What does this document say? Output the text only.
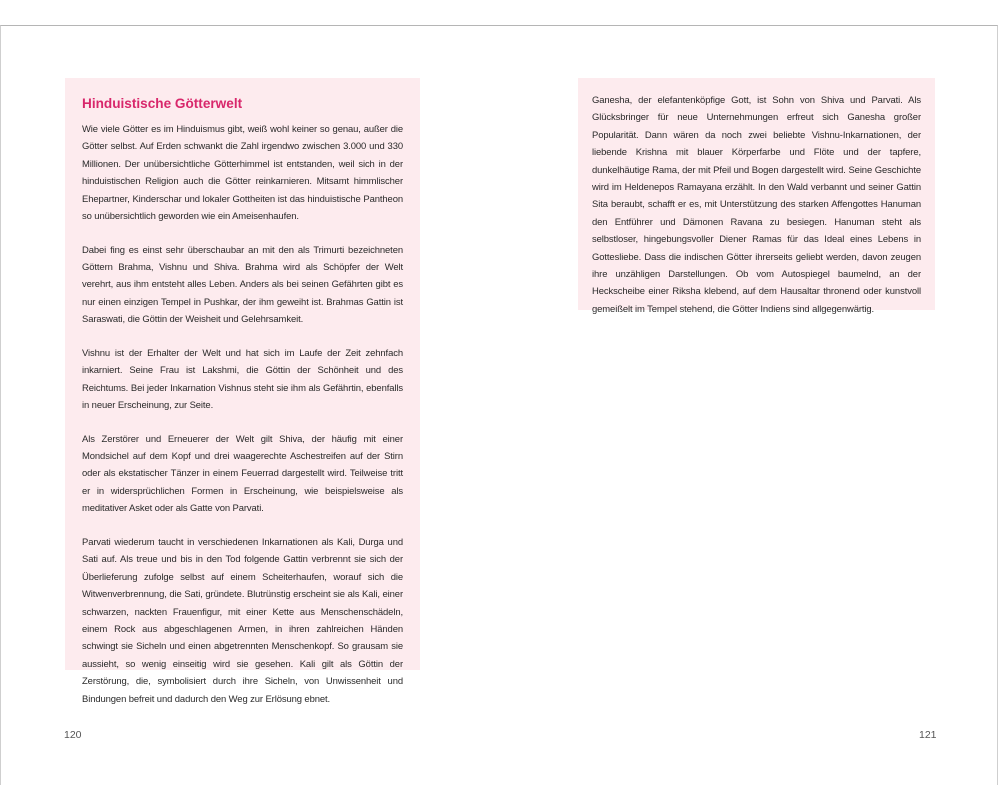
Hinduistische Götterwelt

Wie viele Götter es im Hinduismus gibt, weiß wohl keiner so genau, außer die Götter selbst. Auf Erden schwankt die Zahl irgendwo zwischen 3.000 und 330 Millionen. Der unübersichtliche Götterhimmel ist entstanden, weil sich in der hinduistischen Religion auch die Götter reinkarnieren. Mitsamt himmlischer Ehepartner, Kinderschar und lokaler Gottheiten ist das hinduistische Pantheon so unübersichtlich geworden wie ein Ameisenhaufen.

Dabei fing es einst sehr überschaubar an mit den als Trimurti bezeichneten Göttern Brahma, Vishnu und Shiva. Brahma wird als Schöpfer der Welt verehrt, aus ihm entsteht alles Leben. Anders als bei seinen Gefährten gibt es nur einen einzigen Tempel in Pushkar, der ihm geweiht ist. Brahmas Gattin ist Saraswati, die Göttin der Weisheit und Gelehrsamkeit.

Vishnu ist der Erhalter der Welt und hat sich im Laufe der Zeit zehnfach inkarniert. Seine Frau ist Lakshmi, die Göttin der Schönheit und des Reichtums. Bei jeder Inkarnation Vishnus steht sie ihm als Gefährtin, ebenfalls in neuer Erscheinung, zur Seite.

Als Zerstörer und Erneuerer der Welt gilt Shiva, der häufig mit einer Mondsichel auf dem Kopf und drei waagerechte Aschestreifen auf der Stirn oder als ekstatischer Tänzer in einem Feuerrad dargestellt wird. Teilweise tritt er in widersprüchlichen Formen in Erscheinung, wie beispielsweise als meditativer Asket oder als Gatte von Parvati.

Parvati wiederum taucht in verschiedenen Inkarnationen als Kali, Durga und Sati auf. Als treue und bis in den Tod folgende Gattin verbrennt sie sich der Überlieferung zufolge selbst auf einem Scheiterhaufen, worauf sich die Witwenverbrennung, die Sati, gründete. Blutrünstig erscheint sie als Kali, einer schwarzen, nackten Frauenfigur, mit einer Kette aus Menschenschädeln, einem Rock aus abgeschlagenen Armen, in ihren zahlreichen Händen schwingt sie Sicheln und einen abgetrennten Menschenkopf. So grausam sie aussieht, so wenig einseitig wird sie gesehen. Kali gilt als Göttin der Zerstörung, die, symbolisiert durch ihre Sicheln, von Unwissenheit und Bindungen befreit und dadurch den Weg zur Erlösung ebnet.

Ganesha, der elefantenköpfige Gott, ist Sohn von Shiva und Parvati. Als Glücksbringer für neue Unternehmungen erfreut sich Ganesha großer Popularität. Dann wären da noch zwei beliebte Vishnu-Inkarnationen, der liebende Krishna mit blauer Körperfarbe und Flöte und der tapfere, dunkelhäutige Rama, der mit Pfeil und Bogen dargestellt wird. Seine Geschichte wird im Heldenepos Ramayana erzählt. In den Wald verbannt und seiner Gattin Sita beraubt, schafft er es, mit Unterstützung des starken Affengottes Hanuman den Entführer und Dämonen Ravana zu besiegen. Hanuman steht als selbstloser, hingebungsvoller Diener Ramas für das Ideal eines Lebens in Gottesliebe. Dass die indischen Götter ihrerseits geliebt werden, davon zeugen ihre unzähligen Darstellungen. Ob vom Autospiegel baumelnd, an der Heckscheibe einer Riksha klebend, auf dem Hausaltar thronend oder kunstvoll gemeißelt im Tempel stehend, die Götter Indiens sind allgegenwärtig.

120	121
